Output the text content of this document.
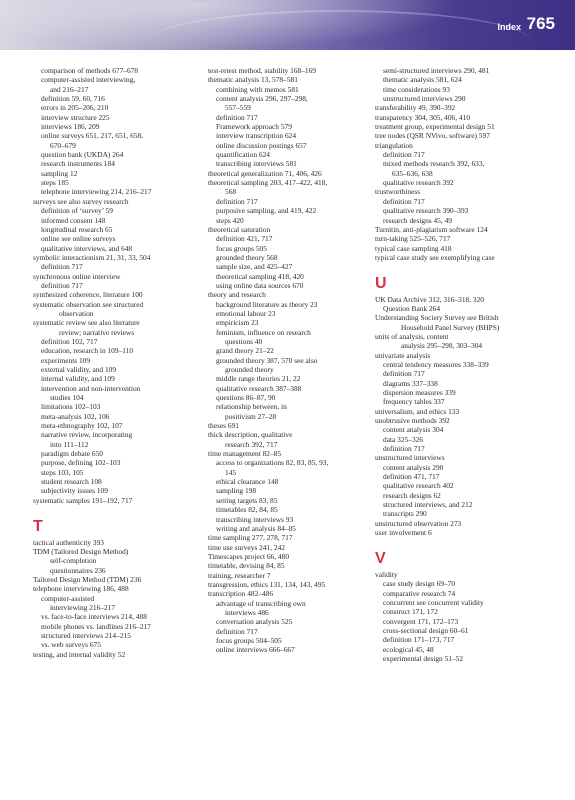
Index 765
comparison of methods 677–678
computer-assisted interviewing,
and 216–217
definition 59, 60, 716
errors in 205–206, 210
interview structure 225
interviews 186, 209
online surveys 651, 217, 651, 658,
670–679
question bank (UKDA) 264
research instruments 184
sampling 12
steps 185
telephone interviewing 214, 216–217
surveys see also survey research
definition of ‘survey’ 59
informed consent 148
longitudinal research 65
online see online surveys
qualitative interviews, and 648
symbolic interactionism 21, 31, 33, 504
definition 717
synchronous online interview
definition 717
synthesized coherence, literature 100
systematic observation see structured
observation
systematic review see also literature
review; narrative reviews
definition 102, 717
education, research in 109–110
experiments 109
external validity, and 109
internal validity, and 109
intervention and non-intervention
studies 104
limitations 102–103
meta-analysis 102, 106
meta-ethnography 102, 107
narrative review, incorporating
into 111–112
paradigm debate 650
purpose, defining 102–103
steps 103, 105
student research 108
subjectivity issues 109
systematic samples 191–192, 717
T
tactical authenticity 393
TDM (Tailored Design Method)
self-completion
questionnaires 236
Tailored Design Method (TDM) 236
telephone interviewing 186, 488
computer-assisted
interviewing 216–217
vs. face-to-face interviews 214, 488
mobile phones vs. landlines 216–217
structured interviews 214–215
vs. web surveys 675
testing, and internal validity 52
test-retest method, stability 168–169
thematic analysis 13, 578–581
combining with memos 581
content analysis 296, 297–298,
557–559
definition 717
Framework approach 579
interview transcription 624
online discussion postings 657
quantification 624
transcribing interviews 581
theoretical generalization 71, 406, 426
theoretical sampling 203, 417–422, 418,
568
definition 717
purposive sampling, and 419, 422
steps 420
theoretical saturation
definition 421, 717
focus groups 505
grounded theory 568
sample size, and 425–427
theoretical sampling 418, 420
using online data sources 670
theory and research
background literature as theory 23
emotional labour 23
empiricism 23
feminism, influence on research
questions 40
grand theory 21–22
grounded theory 387, 570 see also
grounded theory
middle range theories 21, 22
qualitative research 387–388
questions 86–87, 90
relationship between, in
positivism 27–28
theses 691
thick description, qualitative
research 392, 717
time management 82–85
access to organizations 82, 83, 85, 93,
145
ethical clearance 148
sampling 198
setting targets 83, 85
timetables 82, 84, 85
transcribing interviews 93
writing and analysis 84–85
time sampling 277, 278, 717
time use surveys 241, 242
Timescapes project 66, 480
timetable, devising 84, 85
training, researcher 7
transgression, ethics 131, 134, 143, 495
transcription 482–486
advantage of transcribing own
interviews 486
conversation analysis 525
definition 717
focus groups 504–505
online interviews 666–667
semi-structured interviews 290, 481
thematic analysis 581, 624
time considerations 93
unstructured interviews 290
transferability 49, 390–392
transparency 304, 305, 406, 410
treatment group, experimental design 51
tree nodes (QSR NVivo, software) 597
triangulation
definition 717
mixed methods research 392, 633,
635–636, 638
qualitative research 392
trustworthiness
definition 717
qualitative research 390–393
research designs 45, 49
Turnitin, anti-plagiarism software 124
turn-taking 525–526, 717
typical case sampling 418
typical case study see exemplifying case
U
UK Data Archive 312, 316–318, 320
Question Bank 264
Understanding Society Survey see British
Household Panel Survey (BHPS)
units of analysis, content
analysis 295–298, 303–304
univariate analysis
central tendency measures 338–339
definition 717
diagrams 337–338
dispersion measures 339
frequency tables 337
universalism, and ethics 133
unobtrusive methods 392
content analysis 304
data 325–326
definition 717
unstructured interviews
content analysis 290
definition 471, 717
qualitative research 402
research designs 62
structured interviews, and 212
transcripts 290
unstructured observation 273
user involvement 6
V
validity
case study design 69–70
comparative research 74
concurrent see concurrent validity
construct 171, 172
convergent 171, 172–173
cross-sectional design 60–61
definition 171–173, 717
ecological 45, 48
experimental design 51–52
